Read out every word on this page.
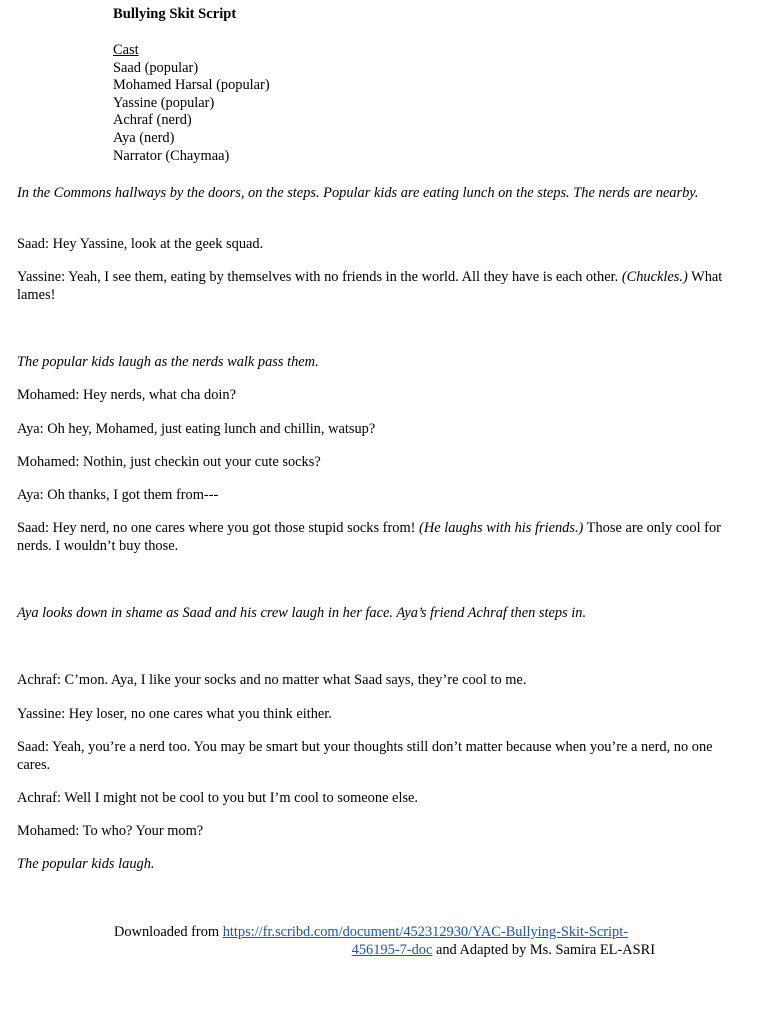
Bullying Skit Script
Cast
Saad (popular)
Mohamed Harsal (popular)
Yassine (popular)
Achraf (nerd)
Aya (nerd)
Narrator (Chaymaa)

In the Commons hallways by the doors, on the steps. Popular kids are eating lunch on the steps. The nerds are nearby.

Saad: Hey Yassine, look at the geek squad.

Yassine: Yeah, I see them, eating by themselves with no friends in the world. All they have is each other. (Chuckles.) What lames!

The popular kids laugh as the nerds walk pass them.

Mohamed: Hey nerds, what cha doin?

Aya: Oh hey, Mohamed, just eating lunch and chillin, watsup?

Mohamed: Nothin, just checkin out your cute socks?

Aya: Oh thanks, I got them from---

Saad: Hey nerd, no one cares where you got those stupid socks from! (He laughs with his friends.) Those are only cool for nerds. I wouldn’t buy those.

Aya looks down in shame as Saad and his crew laugh in her face. Aya’s friend Achraf then steps in.

Achraf: C’mon. Aya, I like your socks and no matter what Saad says, they’re cool to me.

Yassine: Hey loser, no one cares what you think either.

Saad: Yeah, you’re a nerd too. You may be smart but your thoughts still don’t matter because when you’re a nerd, no one cares.

Achraf: Well I might not be cool to you but I’m cool to someone else.

Mohamed: To who? Your mom?

The popular kids laugh.

Downloaded from https://fr.scribd.com/document/452312930/YAC-Bullying-Skit-Script-
456195-7-doc and Adapted by Ms. Samira EL-ASRI
